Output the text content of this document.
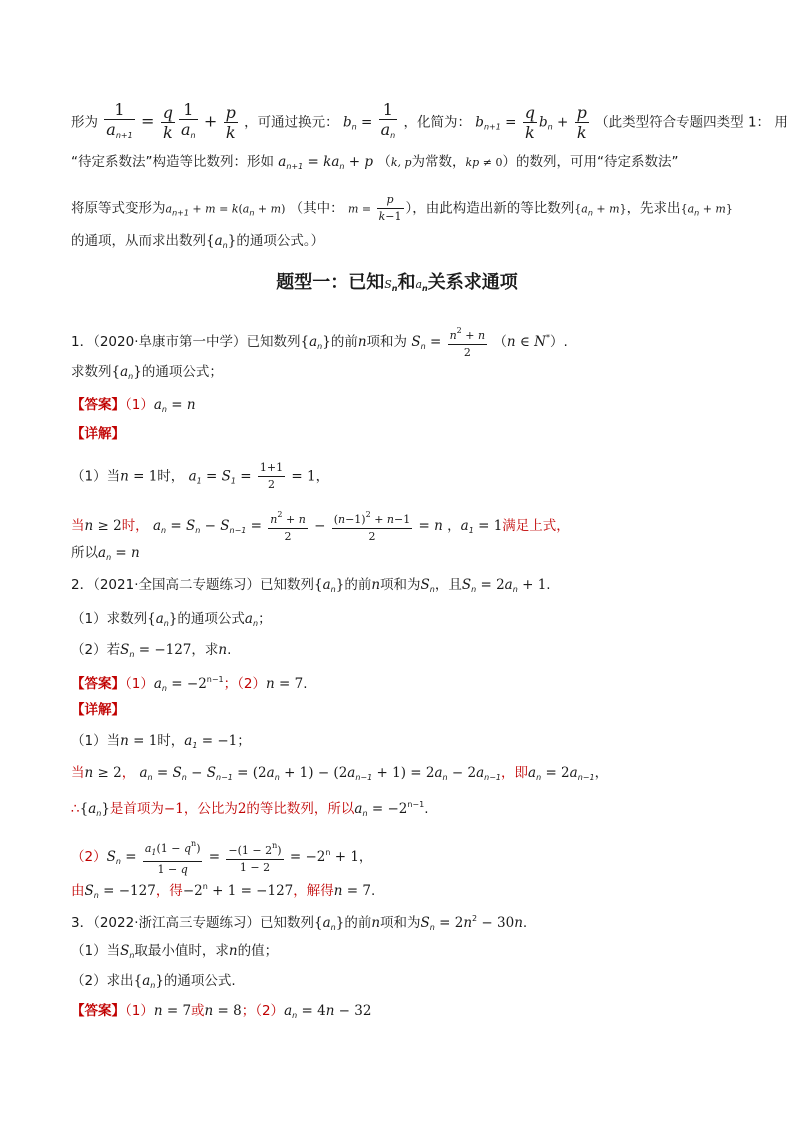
形为 $\frac{1}{a_{n+1}} = \frac{q}{k} \frac{1}{a_n} + \frac{p}{k}$ ，可通过换元： $b_n = \frac{1}{a_n}$ ，化简为： $b_{n+1} = \frac{q}{k} b_n + \frac{p}{k}$ （此类型符合专题四类型 1： 用
“待定系数法”构造等比数列：形如 $a_{n+1} = ka_n + p$ （k, p为常数，kp ≠ 0）的数列，可用“待定系数法”
将原等式变形为$a_{n+1} + m = k(a_n + m)$ （其中： $m = \frac{p}{k-1}$ ），由此构造出新的等比数列$\{a_n + m\}$，先求出$\{a_n + m\}$
的通项，从而求出数列$\{a_n\}$的通项公式。）
题型一：已知$S_n$和$a_n$关系求通项
1．（2020·阜康市第一中学）已知数列$\{a_n\}$的前n项和为 $S_n = \frac{n^2 + n}{2} (n$ ∈ N*）.
求数列$\{a_n\}$的通项公式；
【答案】$(1)a_n = n$
【详解】
（1）当n = 1时， $a_1 = S_1 = \frac{1+1}{2} = 1$，
当n ≥ 2时， $a_n = S_n - S_{n-1} = \frac{n^2 + n}{2} - \frac{(n-1)^2 + n-1}{2} = n$ ，$a_1 = 1$满足上式，
所以$a_n = n$
2．（2021·全国高二专题练习）已知数列$\{a_n\}$的前n项和为$S_n$，且$S_n = 2a_n + 1$.
（1）求数列$\{a_n\}$的通项公式$a_n$；
（2）若$S_n = -127$，求n.
【答案】$(1)a_n = -2^{n-1}$；（2）n = 7.
【详解】
（1）当n = 1时，$a_1 = -1$；
当n ≥ 2， $a_n = S_n - S_{n-1} = (2a_n + 1) - (2a_{n-1} + 1) = 2a_n - 2a_{n-1}$，即$a_n = 2a_{n-1}$，
$\therefore\{a_n\}$是首项为−1，公比为2的等比数列，所以$a_n = -2^{n-1}$.
$(2)S_n = \frac{a_1(1 - q^n)}{1 - q} = \frac{-(1 - 2^n)}{1 - 2} = -2^n + 1$，
由$S_n = -127$，得$-2^n + 1 = -127$，解得n = 7.
3．（2022·浙江高三专题练习）已知数列$\{a_n\}$的前n项和为$S_n = 2n^2 - 30n$.
（1）当$S_n$取最小值时，求n的值；
（2）求出$\{a_n\}$的通项公式.
【答案】（1）n = 7或n = 8；$(2)a_n = 4n - 32$
